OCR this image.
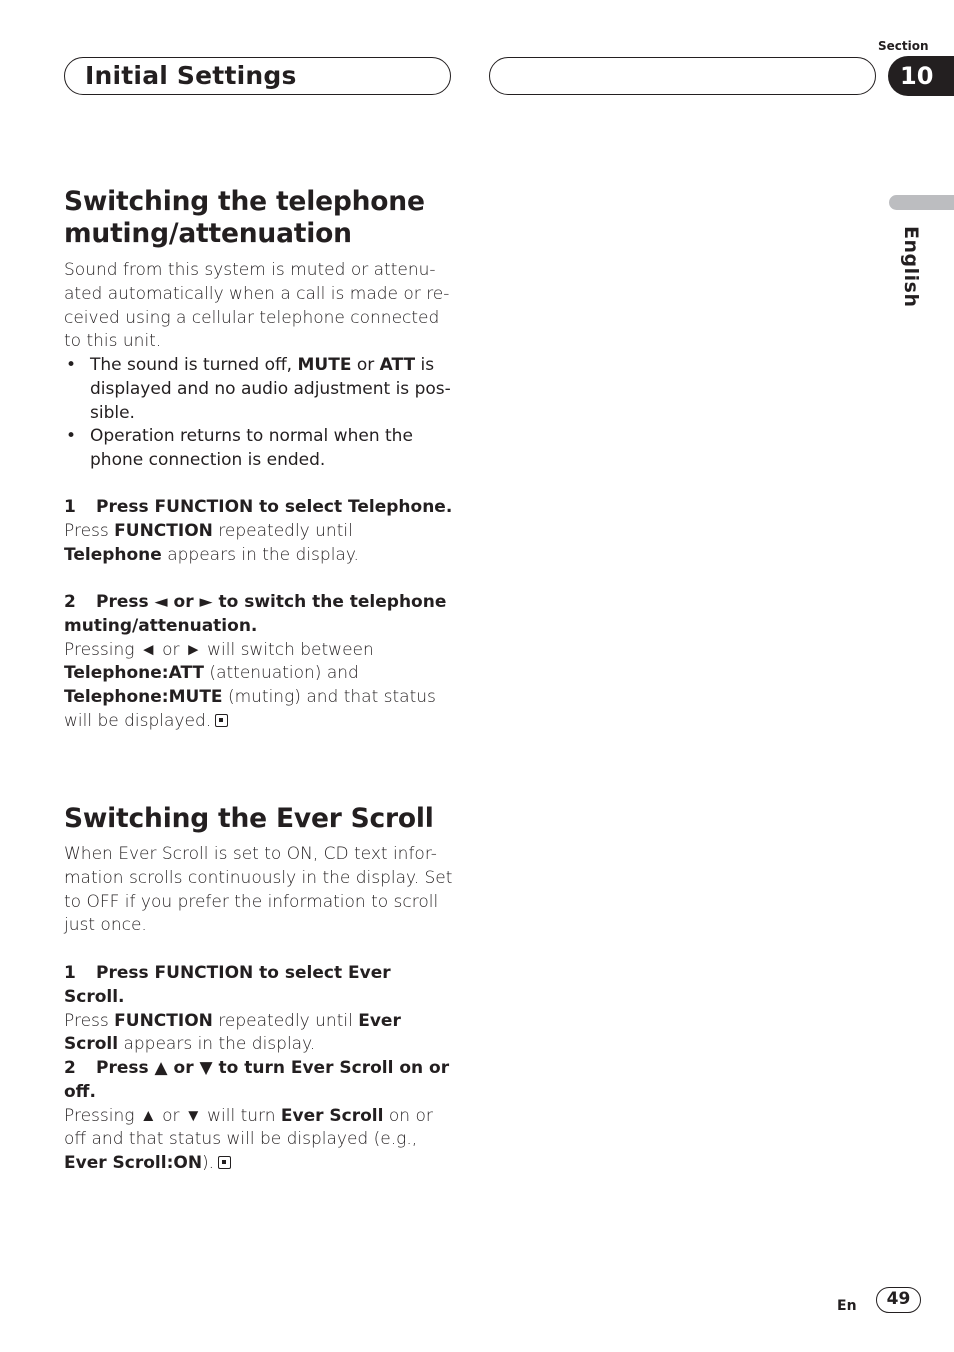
Initial Settings
Section
10
English
Switching the telephone muting/attenuation

Sound from this system is muted or attenu-ated automatically when a call is made or re-ceived using a cellular telephone connected to this unit.

• The sound is turned off, MUTE or ATT is displayed and no audio adjustment is pos-sible.
• Operation returns to normal when the phone connection is ended.
1 Press FUNCTION to select Telephone.

Press FUNCTION repeatedly until Telephone appears in the display.

2 Press ◄ or ► to switch the telephone muting/attenuation.

Pressing ◄ or ► will switch between Telephone:ATT (attenuation) and Telephone:MUTE (muting) and that status will be displayed.

Switching the Ever Scroll

When Ever Scroll is set to ON, CD text infor-mation scrolls continuously in the display. Set to OFF if you prefer the information to scroll just once.

1 Press FUNCTION to select Ever Scroll.

Press FUNCTION repeatedly until Ever Scroll appears in the display.

2 Press ▲ or ▼ to turn Ever Scroll on or off.

Pressing ▲ or ▼ will turn Ever Scroll on or off and that status will be displayed (e.g., Ever Scroll:ON).

En	49
